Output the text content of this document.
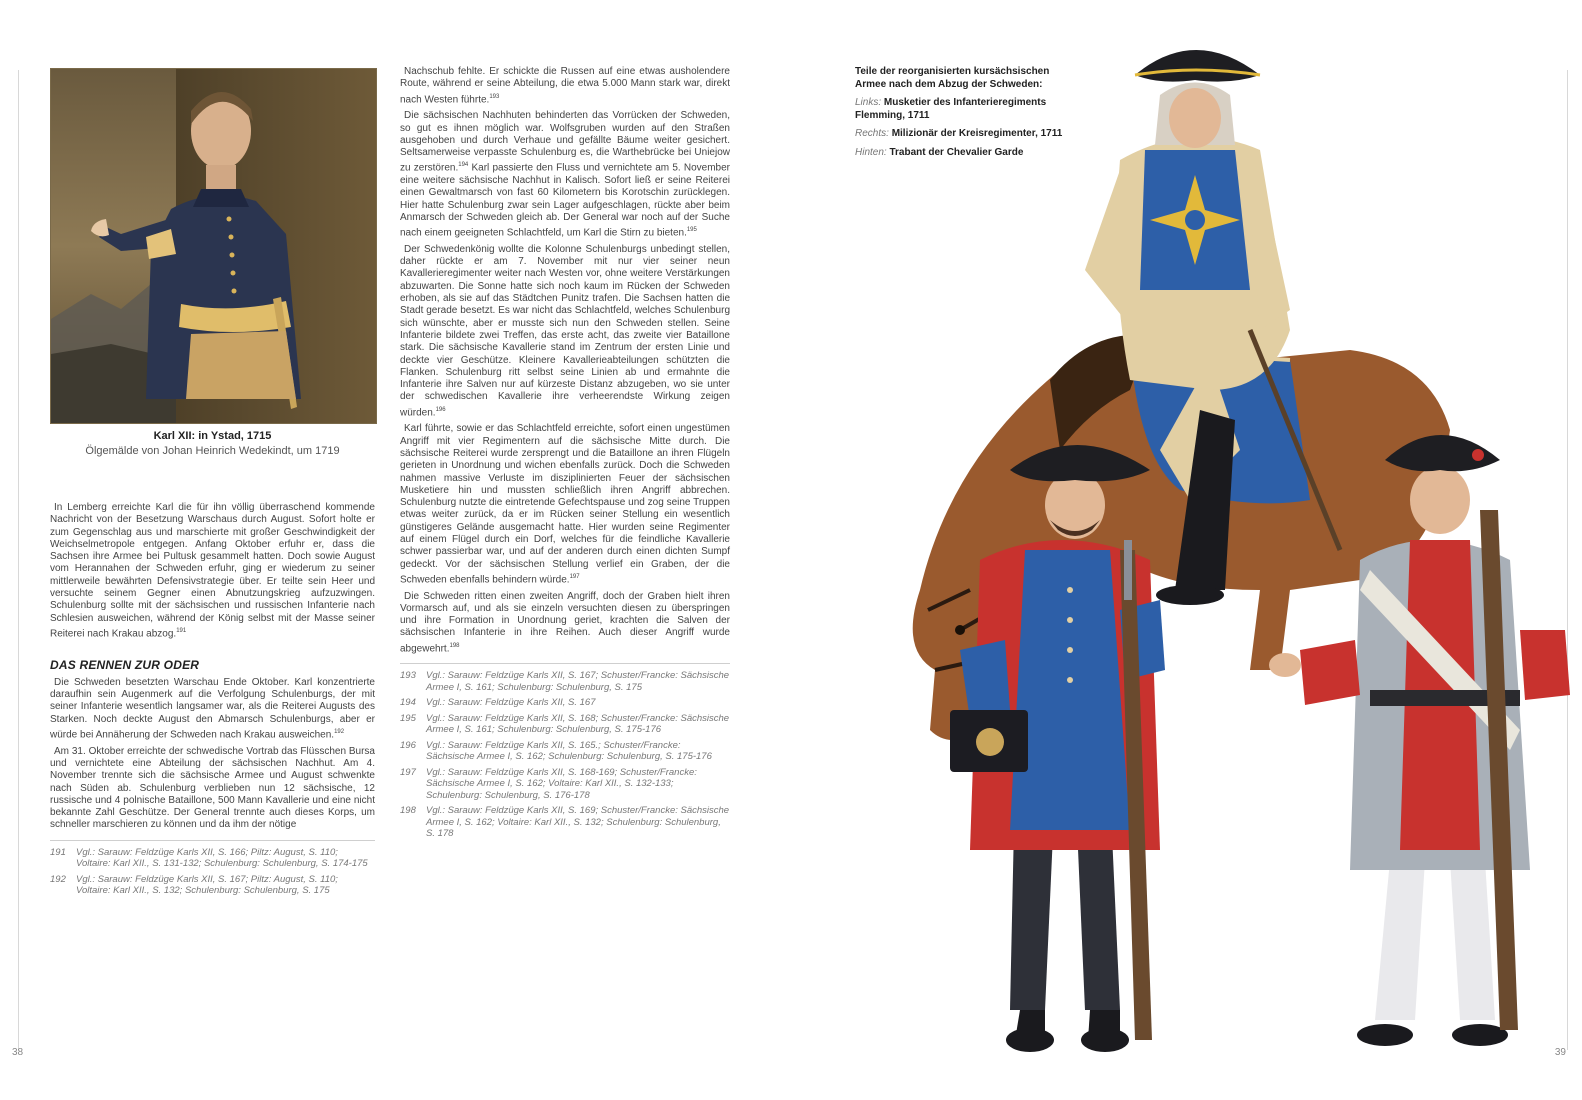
Karl XII: in Ystad, 1715
Ölgemälde von Johan Heinrich Wedekindt, um 1719

In Lemberg erreichte Karl die für ihn völlig überraschend kommende Nachricht von der Besetzung Warschaus durch August. Sofort holte er zum Gegenschlag aus und marschierte mit großer Geschwindigkeit der Weichselmetropole entgegen. Anfang Oktober erfuhr er, dass die Sachsen ihre Armee bei Pultusk gesammelt hatten. Doch sowie August vom Herannahen der Schweden erfuhr, ging er wiederum zu seiner mittlerweile bewährten Defensivstrategie über. Er teilte sein Heer und versuchte seinem Gegner einen Abnutzungskrieg aufzuzwingen. Schulenburg sollte mit der sächsischen und russischen Infanterie nach Schlesien ausweichen, während der König selbst mit der Masse seiner Reiterei nach Krakau abzog.$^{191}$

DAS RENNEN ZUR ODER

Die Schweden besetzten Warschau Ende Oktober. Karl konzentrierte daraufhin sein Augenmerk auf die Verfolgung Schulenburgs, der mit seiner Infanterie wesentlich langsamer war, als die Reiterei Augusts des Starken. Noch deckte August den Abmarsch Schulenburgs, aber er würde bei Annäherung der Schweden nach Krakau ausweichen.$^{192}$

Am 31. Oktober erreichte der schwedische Vortrab das Flüsschen Bursa und vernichtete eine Abteilung der sächsischen Nachhut. Am 4. November trennte sich die sächsische Armee und August schwenkte nach Süden ab. Schulenburg verblieben nun 12 sächsische, 12 russische und 4 polnische Bataillone, 500 Mann Kavallerie und eine nicht bekannte Zahl Geschütze. Der General trennte auch dieses Korps, um schneller marschieren zu können und da ihm der nötige

191	Vgl.: Sarauw: Feldzüge Karls XII, S. 166; Piltz: August, S. 110; Voltaire: Karl XII., S. 131-132; Schulenburg: Schulenburg, S. 174-175
192	Vgl.: Sarauw: Feldzüge Karls XII, S. 167; Piltz: August, S. 110; Voltaire: Karl XII., S. 132; Schulenburg: Schulenburg, S. 175

Nachschub fehlte. Er schickte die Russen auf eine etwas ausholendere Route, während er seine Abteilung, die etwa 5.000 Mann stark war, direkt nach Westen führte.$^{193}$

Die sächsischen Nachhuten behinderten das Vorrücken der Schweden, so gut es ihnen möglich war. Wolfsgruben wurden auf den Straßen ausgehoben und durch Verhaue und gefällte Bäume weiter gesichert. Seltsamerweise verpasste Schulenburg es, die Warthebrücke bei Uniejow zu zerstören.$^{194}$ Karl passierte den Fluss und vernichtete am 5. November eine weitere sächsische Nachhut in Kalisch. Sofort ließ er seine Reiterei einen Gewaltmarsch von fast 60 Kilometern bis Korotschin zurücklegen. Hier hatte Schulenburg zwar sein Lager aufgeschlagen, rückte aber beim Anmarsch der Schweden gleich ab. Der General war noch auf der Suche nach einem geeigneten Schlachtfeld, um Karl die Stirn zu bieten.$^{195}$

Der Schwedenkönig wollte die Kolonne Schulenburgs unbedingt stellen, daher rückte er am 7. November mit nur vier seiner neun Kavallerieregimenter weiter nach Westen vor, ohne weitere Verstärkungen abzuwarten. Die Sonne hatte sich noch kaum im Rücken der Schweden erhoben, als sie auf das Städtchen Punitz trafen. Die Sachsen hatten die Stadt gerade besetzt. Es war nicht das Schlachtfeld, welches Schulenburg sich wünschte, aber er musste sich nun den Schweden stellen. Seine Infanterie bildete zwei Treffen, das erste acht, das zweite vier Bataillone stark. Die sächsische Kavallerie stand im Zentrum der ersten Linie und deckte vier Geschütze. Kleinere Kavallerieabteilungen schützten die Flanken. Schulenburg ritt selbst seine Linien ab und ermahnte die Infanterie ihre Salven nur auf kürzeste Distanz abzugeben, wo sie unter der schwedischen Kavallerie ihre verheerendste Wirkung zeigen würden.$^{196}$

Karl führte, sowie er das Schlachtfeld erreichte, sofort einen ungestümen Angriff mit vier Regimentern auf die sächsische Mitte durch. Die sächsische Reiterei wurde zersprengt und die Bataillone an ihren Flügeln gerieten in Unordnung und wichen ebenfalls zurück. Doch die Schweden nahmen massive Verluste im disziplinierten Feuer der sächsischen Musketiere hin und mussten schließlich ihren Angriff abbrechen. Schulenburg nutzte die eintretende Gefechtspause und zog seine Truppen etwas weiter zurück, da er im Rücken seiner Stellung ein wesentlich günstigeres Gelände ausgemacht hatte. Hier wurden seine Regimenter auf einem Flügel durch ein Dorf, welches für die feindliche Kavallerie schwer passierbar war, und auf der anderen durch einen dichten Sumpf gedeckt. Vor der sächsischen Stellung verlief ein Graben, der die Schweden ebenfalls behindern würde.$^{197}$

Die Schweden ritten einen zweiten Angriff, doch der Graben hielt ihren Vormarsch auf, und als sie einzeln versuchten diesen zu überspringen und ihre Formation in Unordnung geriet, krachten die Salven der sächsischen Infanterie in ihre Reihen. Auch dieser Angriff wurde abgewehrt.$^{198}$

193	Vgl.: Sarauw: Feldzüge Karls XII, S. 167; Schuster/Francke: Sächsische Armee I, S. 161; Schulenburg: Schulenburg, S. 175
194	Vgl.: Sarauw: Feldzüge Karls XII, S. 167
195	Vgl.: Sarauw: Feldzüge Karls XII, S. 168; Schuster/Francke: Sächsische Armee I, S. 161; Schulenburg: Schulenburg, S. 175-176
196	Vgl.: Sarauw: Feldzüge Karls XII, S. 165.; Schuster/Francke: Sächsische Armee I, S. 162; Schulenburg: Schulenburg, S. 175-176
197	Vgl.: Sarauw: Feldzüge Karls XII, S. 168-169; Schuster/Francke: Sächsische Armee I, S. 162; Voltaire: Karl XII., S. 132-133; Schulenburg: Schulenburg, S. 176-178
198	Vgl.: Sarauw: Feldzüge Karls XII, S. 169; Schuster/Francke: Sächsische Armee I, S. 162; Voltaire: Karl XII., S. 132; Schulenburg: Schulenburg, S. 178
38
Teile der reorganisierten kursächsischen Armee nach dem Abzug der Schweden:
Links: Musketier des Infanterieregiments Flemming, 1711
Rechts: Milizionär der Kreisregimenter, 1711
Hinten: Trabant der Chevalier Garde
39
